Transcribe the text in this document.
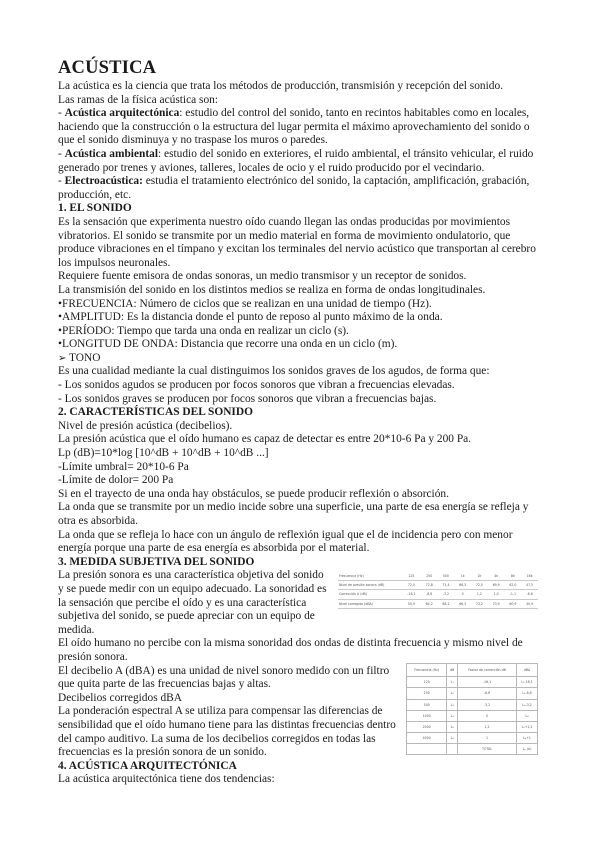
ACÚSTICA

La acústica es la ciencia que trata los métodos de producción, transmisión y recepción del sonido.

Las ramas de la física acústica son:

- Acústica arquitectónica: estudio del control del sonido, tanto en recintos habitables como en locales, haciendo que la construcción o la estructura del lugar permita el máximo aprovechamiento del sonido o que el sonido disminuya y no traspase los muros o paredes.

- Acústica ambiental: estudio del sonido en exteriores, el ruido ambiental, el tránsito vehicular, el ruido generado por trenes y aviones, talleres, locales de ocio y el ruido producido por el vecindario.

- Electroacústica: estudia el tratamiento electrónico del sonido, la captación, amplificación, grabación, producción, etc.

1. EL SONIDO

Es la sensación que experimenta nuestro oído cuando llegan las ondas producidas por movimientos vibratorios. El sonido se transmite por un medio material en forma de movimiento ondulatorio, que produce vibraciones en el tímpano y excitan los terminales del nervio acústico que transportan al cerebro los impulsos neuronales.

Requiere fuente emisora de ondas sonoras, un medio transmisor y un receptor de sonidos.

La transmisión del sonido en los distintos medios se realiza en forma de ondas longitudinales.

•FRECUENCIA: Número de ciclos que se realizan en una unidad de tiempo (Hz).

•AMPLITUD: Es la distancia donde el punto de reposo al punto máximo de la onda.

•PERÍODO: Tiempo que tarda una onda en realizar un ciclo (s).

•LONGITUD DE ONDA: Distancia que recorre una onda en un ciclo (m).

➢ TONO

Es una cualidad mediante la cual distinguimos los sonidos graves de los agudos, de forma que:

- Los sonidos agudos se producen por focos sonoros que vibran a frecuencias elevadas.

- Los sonidos graves se producen por focos sonoros que vibran a frecuencias bajas.

2. CARACTERÍSTICAS DEL SONIDO

Nivel de presión acústica (decibelios).

La presión acústica que el oído humano es capaz de detectar es entre 20*10-6 Pa y 200 Pa.

Lp (dB)=10*log [10^dB + 10^dB + 10^dB ...]

-Límite umbral= 20*10-6 Pa

-Límite de dolor= 200 Pa

Si en el trayecto de una onda hay obstáculos, se puede producir reflexión o absorción.

La onda que se transmite por un medio incide sobre una superficie, una parte de esa energía se refleja y otra es absorbida.

La onda que se refleja lo hace con un ángulo de reflexión igual que el de incidencia pero con menor energía porque una parte de esa energía es absorbida por el material.

3. MEDIDA SUBJETIVA DEL SONIDO

Frecuencia (Hz)	125	250	500	1k	2k	4k	8k	16k
Nivel de presión sonora (dB)	72,0	72,8	71,4	66,3	72,0	69,9	62,0	47,5
Corrección A (dB)	-16,1	-8,6	-3,2	0	1,2	1,0	-1,1	-6,6
Nivel corregido (dBA)	55,9	64,2	68,2	66,3	73,2	70,9	60,9	40,9

La presión sonora es una característica objetiva del sonido y se puede medir con un equipo adecuado. La sonoridad es la sensación que percibe el oído y es una característica subjetiva del sonido, se puede apreciar con un equipo de medida.

El oído humano no percibe con la misma sonoridad dos ondas de distinta frecuencia y mismo nivel de presión sonora.

Frecuencia (Hz)	dB	Factor de corrección dB	dBA
125	L₁	-16,1	L₁-16,1
250	L₂	-8,6	L₂-8,6
500	L₃	-3,2	L₃-3,2
1000	L₄	0	L₄
2000	L₅	1,2	L₅+1,2
4000	L₆	1	L₆+1
		TOTAL	Lₚ (A)

El decibelio A (dBA) es una unidad de nivel sonoro medido con un filtro que quita parte de las frecuencias bajas y altas.

Decibelios corregidos dBA

La ponderación espectral A se utiliza para compensar las diferencias de sensibilidad que el oído humano tiene para las distintas frecuencias dentro del campo auditivo. La suma de los decibelios corregidos en todas las frecuencias es la presión sonora de un sonido.

4. ACÚSTICA ARQUITECTÓNICA

La acústica arquitectónica tiene dos tendencias:
